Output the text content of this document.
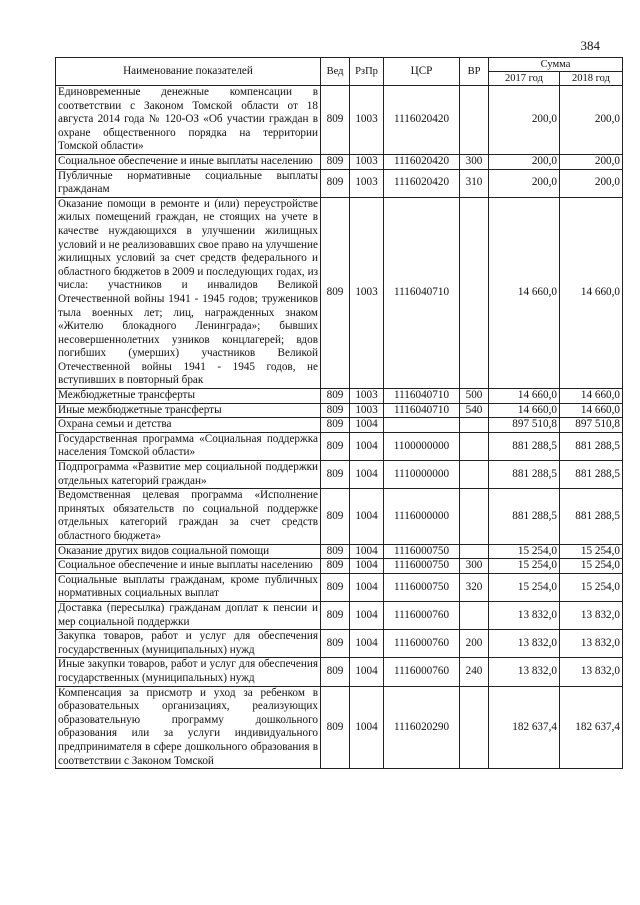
384
Наименование показателей	Вед	РзПр	ЦСР	ВР	Сумма	
					2017 год	2018 год
Единовременные денежные компенсации в соответствии с Законом Томской области от 18 августа 2014 года № 120-ОЗ «Об участии граждан в охране общественного порядка на территории Томской области»	809	1003	1116020420		200,0	200,0
Социальное обеспечение и иные выплаты населению	809	1003	1116020420	300	200,0	200,0
Публичные нормативные социальные выплаты гражданам	809	1003	1116020420	310	200,0	200,0
Оказание помощи в ремонте и (или) переустройстве жилых помещений граждан, не стоящих на учете в качестве нуждающихся в улучшении жилищных условий и не реализовавших свое право на улучшение жилищных условий за счет средств федерального и областного бюджетов в 2009 и последующих годах, из числа: участников и инвалидов Великой Отечественной войны 1941 - 1945 годов; тружеников тыла военных лет; лиц, награжденных знаком «Жителю блокадного Ленинграда»; бывших несовершеннолетних узников концлагерей; вдов погибших (умерших) участников Великой Отечественной войны 1941 - 1945 годов, не вступивших в повторный брак	809	1003	1116040710		14 660,0	14 660,0
Межбюджетные трансферты	809	1003	1116040710	500	14 660,0	14 660,0
Иные межбюджетные трансферты	809	1003	1116040710	540	14 660,0	14 660,0
Охрана семьи и детства	809	1004			897 510,8	897 510,8
Государственная программа «Социальная поддержка населения Томской области»	809	1004	1100000000		881 288,5	881 288,5
Подпрограмма «Развитие мер социальной поддержки отдельных категорий граждан»	809	1004	1110000000		881 288,5	881 288,5
Ведомственная целевая программа «Исполнение принятых обязательств по социальной поддержке отдельных категорий граждан за счет средств областного бюджета»	809	1004	1116000000		881 288,5	881 288,5
Оказание других видов социальной помощи	809	1004	1116000750		15 254,0	15 254,0
Социальное обеспечение и иные выплаты населению	809	1004	1116000750	300	15 254,0	15 254,0
Социальные выплаты гражданам, кроме публичных нормативных социальных выплат	809	1004	1116000750	320	15 254,0	15 254,0
Доставка (пересылка) гражданам доплат к пенсии и мер социальной поддержки	809	1004	1116000760		13 832,0	13 832,0
Закупка товаров, работ и услуг для обеспечения государственных (муниципальных) нужд	809	1004	1116000760	200	13 832,0	13 832,0
Иные закупки товаров, работ и услуг для обеспечения государственных (муниципальных) нужд	809	1004	1116000760	240	13 832,0	13 832,0
Компенсация за присмотр и уход за ребенком в образовательных организациях, реализующих образовательную программу дошкольного образования или за услуги индивидуального предпринимателя в сфере дошкольного образования в соответствии с Законом Томской	809	1004	1116020290		182 637,4	182 637,4
